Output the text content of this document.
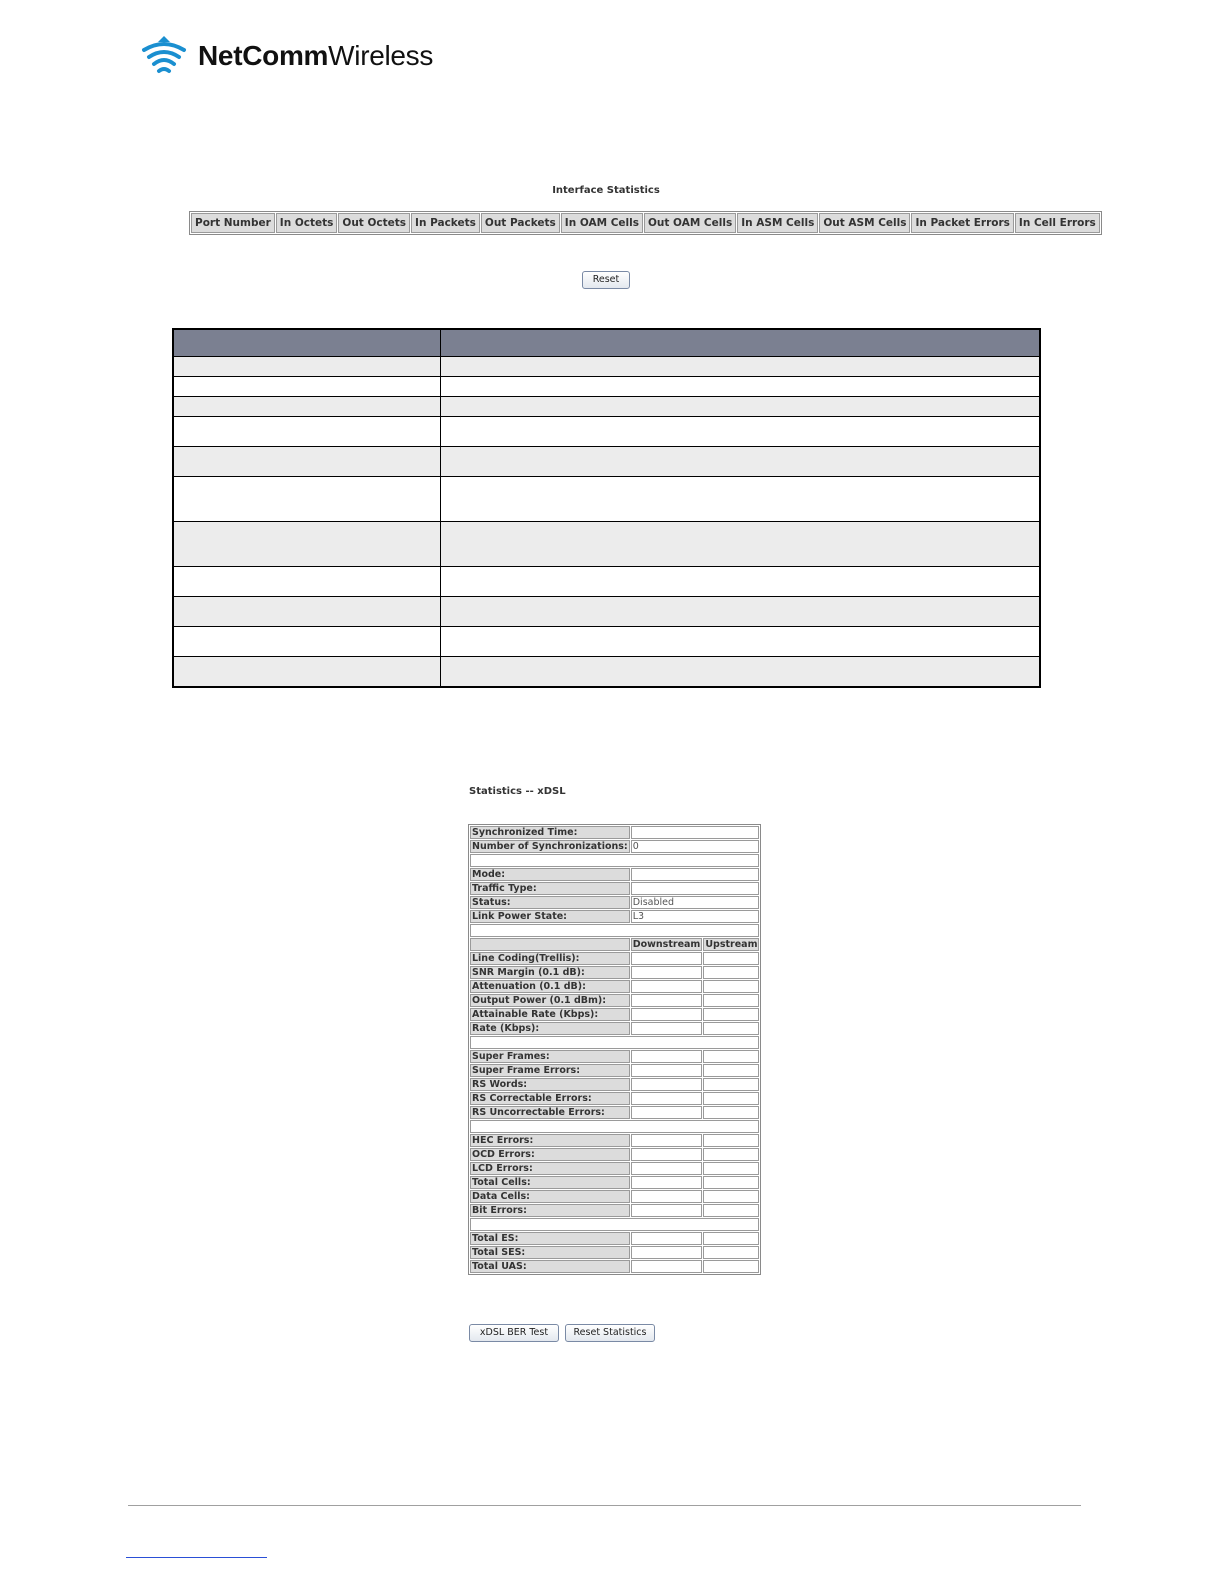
NetCommWireless
Interface Statistics
Port Number	In Octets	Out Octets	In Packets	Out Packets	In OAM Cells	Out OAM Cells	In ASM Cells	Out ASM Cells	In Packet Errors	In Cell Errors
Reset

Statistics -- xDSL
Synchronized Time:		
Number of Synchronizations:	0	

Mode:		
Traffic Type:		
Status:	Disabled	
Link Power State:	L3	

	Downstream	Upstream
Line Coding(Trellis):		
SNR Margin (0.1 dB):		
Attenuation (0.1 dB):		
Output Power (0.1 dBm):		
Attainable Rate (Kbps):		
Rate (Kbps):		

Super Frames:		
Super Frame Errors:		
RS Words:		
RS Correctable Errors:		
RS Uncorrectable Errors:		

HEC Errors:		
OCD Errors:		
LCD Errors:		
Total Cells:		
Data Cells:		
Bit Errors:		

Total ES:		
Total SES:		
Total UAS:		
xDSL BER Test	Reset Statistics
